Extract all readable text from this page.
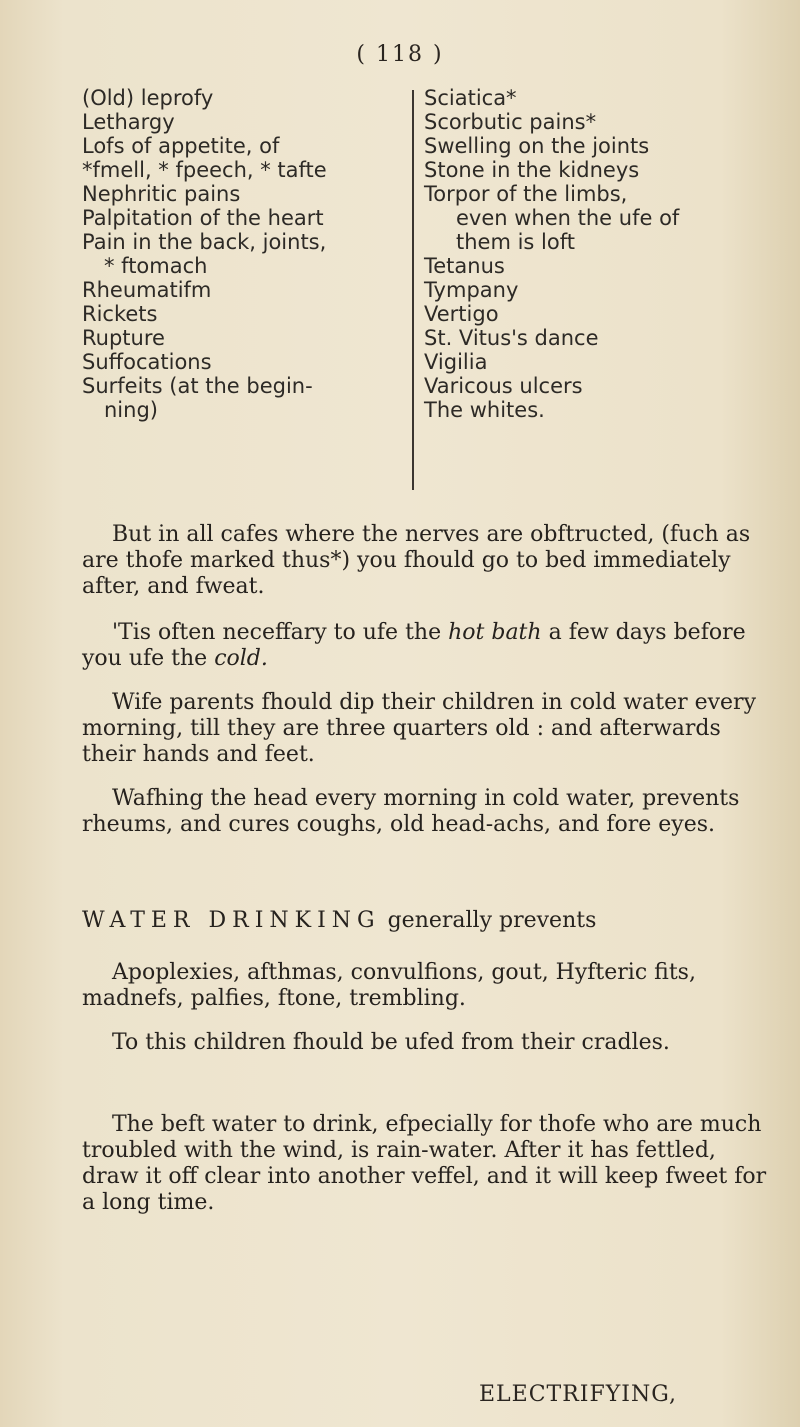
( 118 )
(Old) leprofy
Lethargy
Lofs of appetite, of
*fmell, * fpeech, * tafte
Nephritic pains
Palpitation of the heart
Pain in the back, joints,
* ftomach
Rheumatifm
Rickets
Rupture
Suffocations
Surfeits (at the begin-
ning)
Sciatica*
Scorbutic pains*
Swelling on the joints
Stone in the kidneys
Torpor of the limbs,
even when the ufe of
them is loft
Tetanus
Tympany
Vertigo
St. Vitus's dance
Vigilia
Varicous ulcers
The whites.

But in all cafes where the nerves are obftructed, (fuch as are thofe marked thus*) you fhould go to bed immediately after, and fweat.

'Tis often neceffary to ufe the hot bath a few days before you ufe the cold.

Wife parents fhould dip their children in cold water every morning, till they are three quarters old : and afterwards their hands and feet.

Wafhing the head every morning in cold water, prevents rheums, and cures coughs, old head-achs, and fore eyes.

WATER DRINKING generally prevents

Apoplexies, afthmas, convulfions, gout, Hyfteric fits, madnefs, palfies, ftone, trembling.

To this children fhould be ufed from their cradles.

The beft water to drink, efpecially for thofe who are much troubled with the wind, is rain-water. After it has fettled, draw it off clear into another veffel, and it will keep fweet for a long time.

ELECTRIFYING,
